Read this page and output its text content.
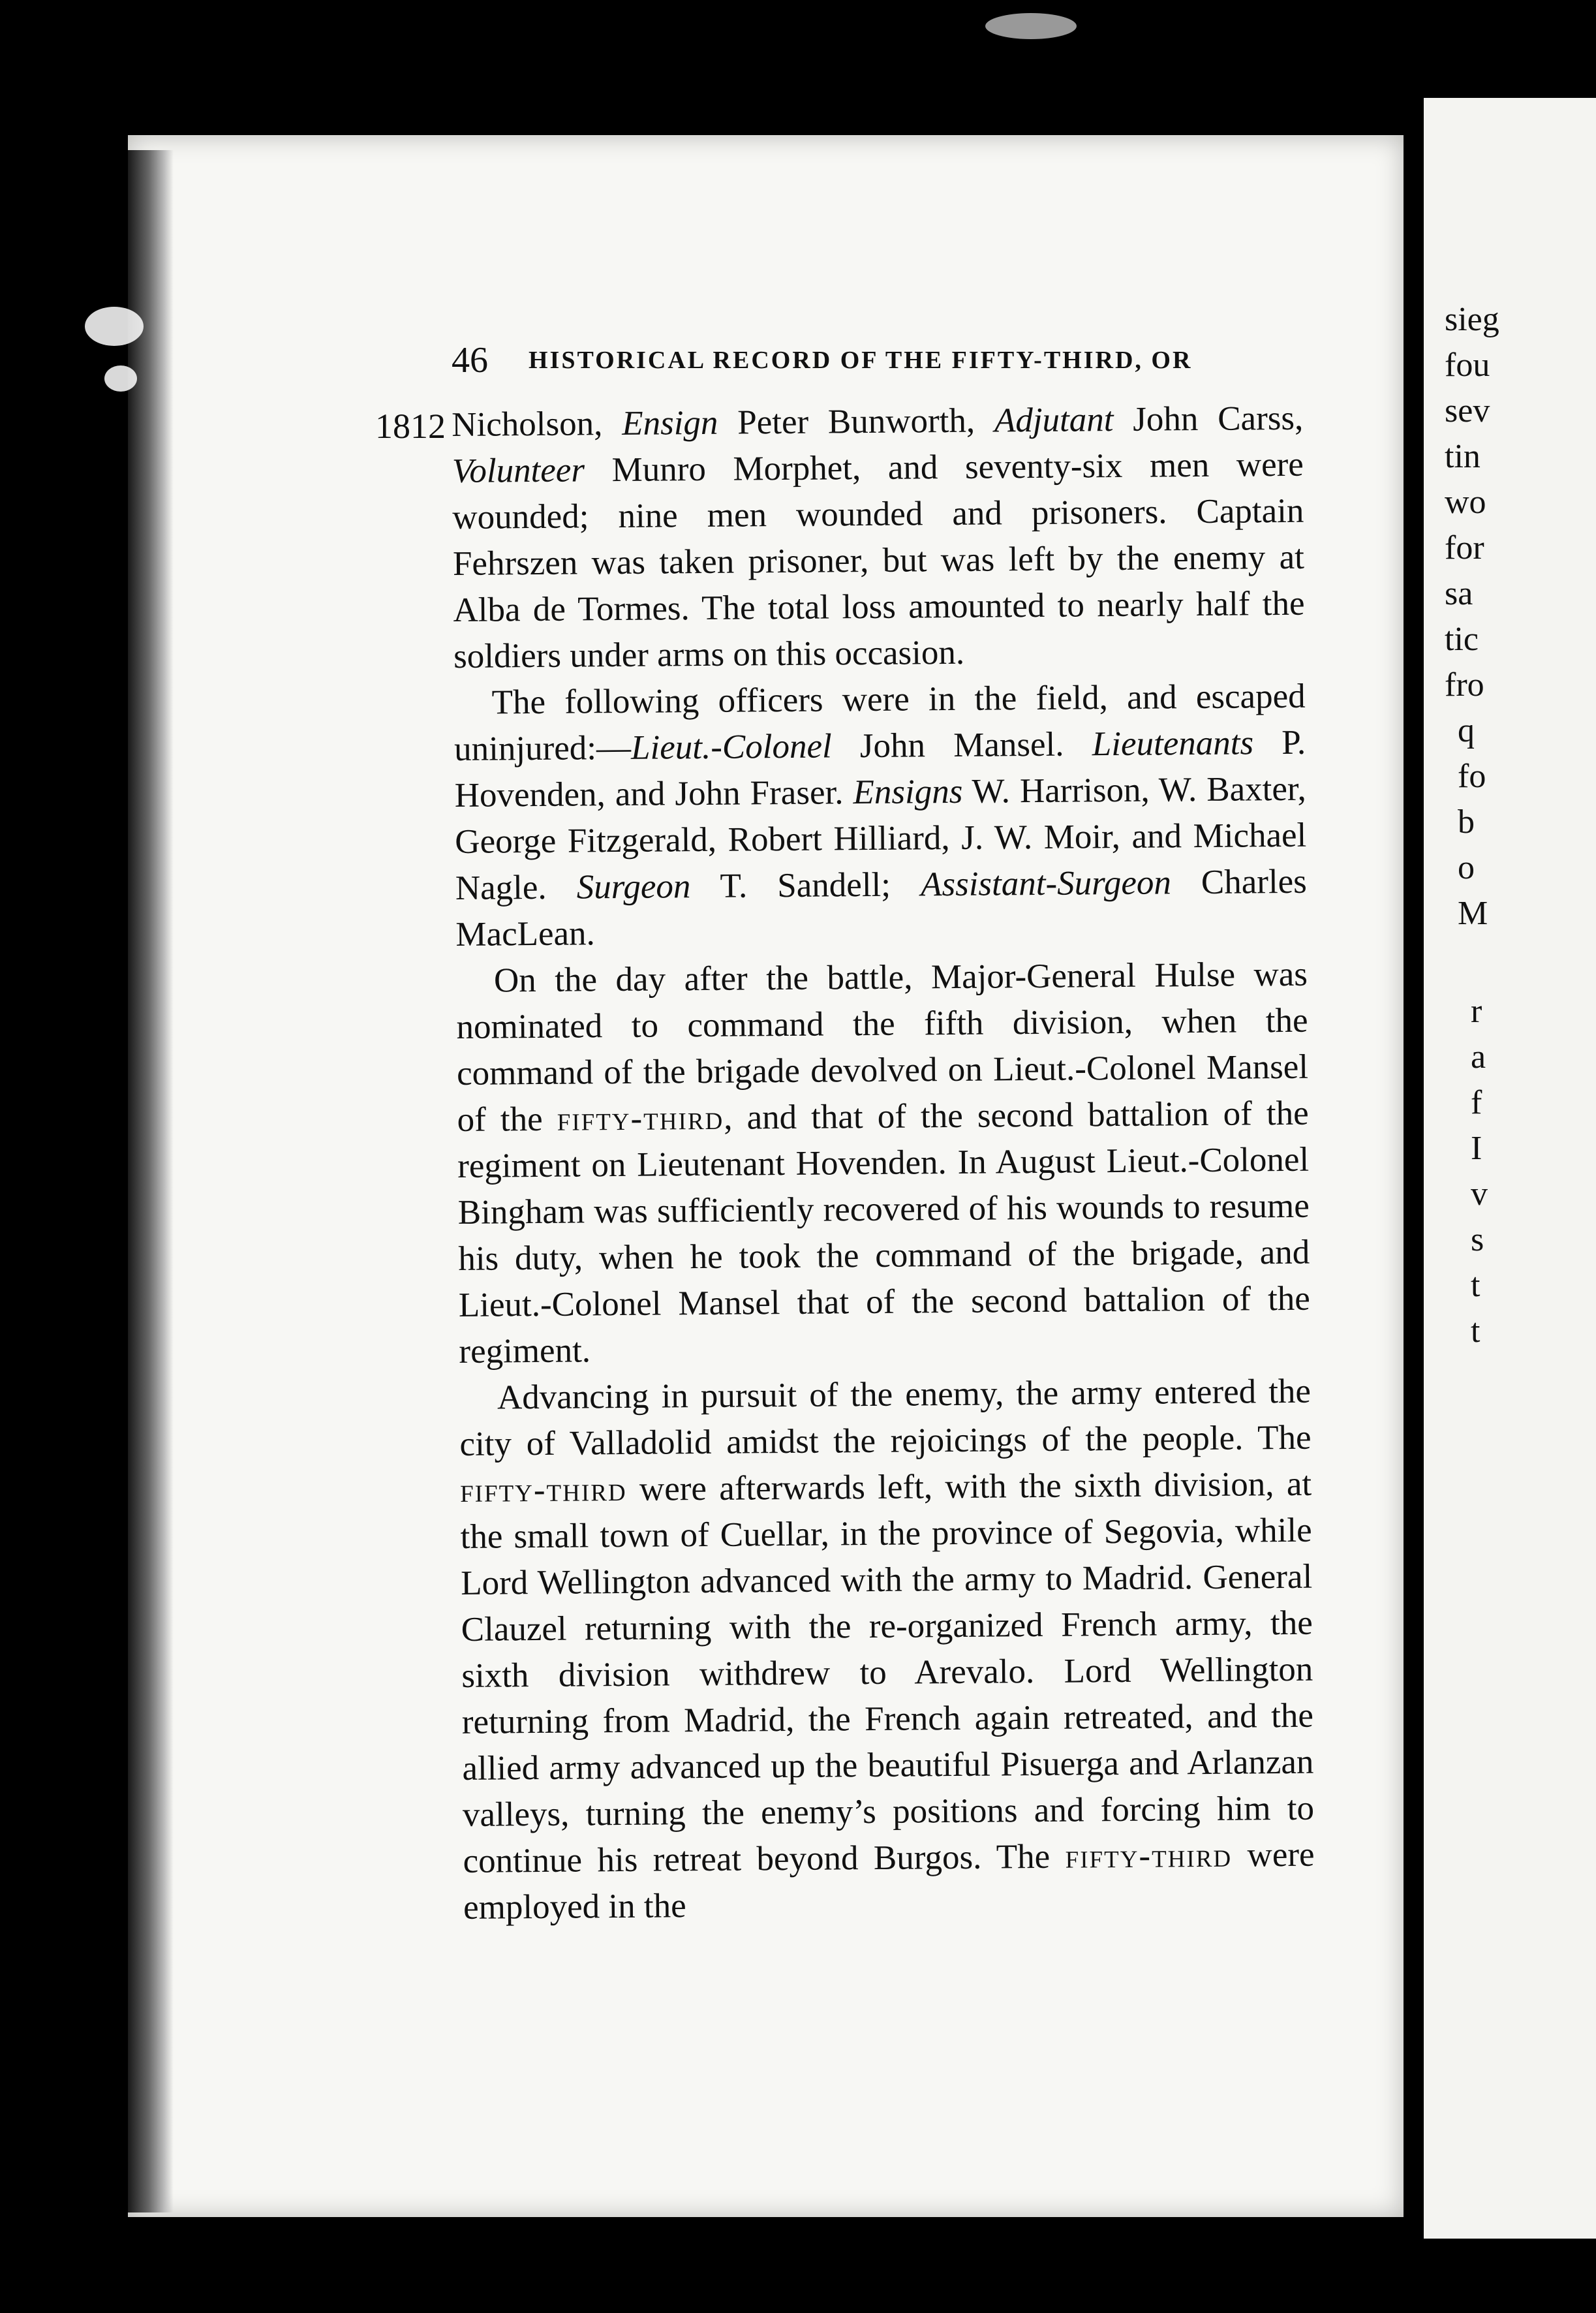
46 HISTORICAL RECORD OF THE FIFTY-THIRD, OR
1812 Nicholson, Ensign Peter Bunworth, Adjutant John Carss, Volunteer Munro Morphet, and seventy-six men were wounded; nine men wounded and prisoners. Captain Fehrszen was taken prisoner, but was left by the enemy at Alba de Tormes. The total loss amounted to nearly half the soldiers under arms on this occasion.

The following officers were in the field, and escaped uninjured:—Lieut.-Colonel John Mansel. Lieutenants P. Hovenden, and John Fraser. Ensigns W. Harrison, W. Baxter, George Fitzgerald, Robert Hilliard, J. W. Moir, and Michael Nagle. Surgeon T. Sandell; Assistant-Surgeon Charles MacLean.

On the day after the battle, Major-General Hulse was nominated to command the fifth division, when the command of the brigade devolved on Lieut.-Colonel Mansel of the fifty-third, and that of the second battalion of the regiment on Lieutenant Hovenden. In August Lieut.-Colonel Bingham was sufficiently recovered of his wounds to resume his duty, when he took the command of the brigade, and Lieut.-Colonel Mansel that of the second battalion of the regiment.

Advancing in pursuit of the enemy, the army entered the city of Valladolid amidst the rejoicings of the people. The fifty-third were afterwards left, with the sixth division, at the small town of Cuellar, in the province of Segovia, while Lord Wellington advanced with the army to Madrid. General Clauzel returning with the re-organized French army, the sixth division withdrew to Arevalo. Lord Wellington returning from Madrid, the French again retreated, and the allied army advanced up the beautiful Pisuerga and Arlanzan valleys, turning the enemy’s positions and forcing him to continue his retreat beyond Burgos. The fifty-third were employed in the

sieg
fou
sev
tin
wo
for
sa
tic
fro
q
fo
b
o
M
r
a
f
I
v
s
t
t
